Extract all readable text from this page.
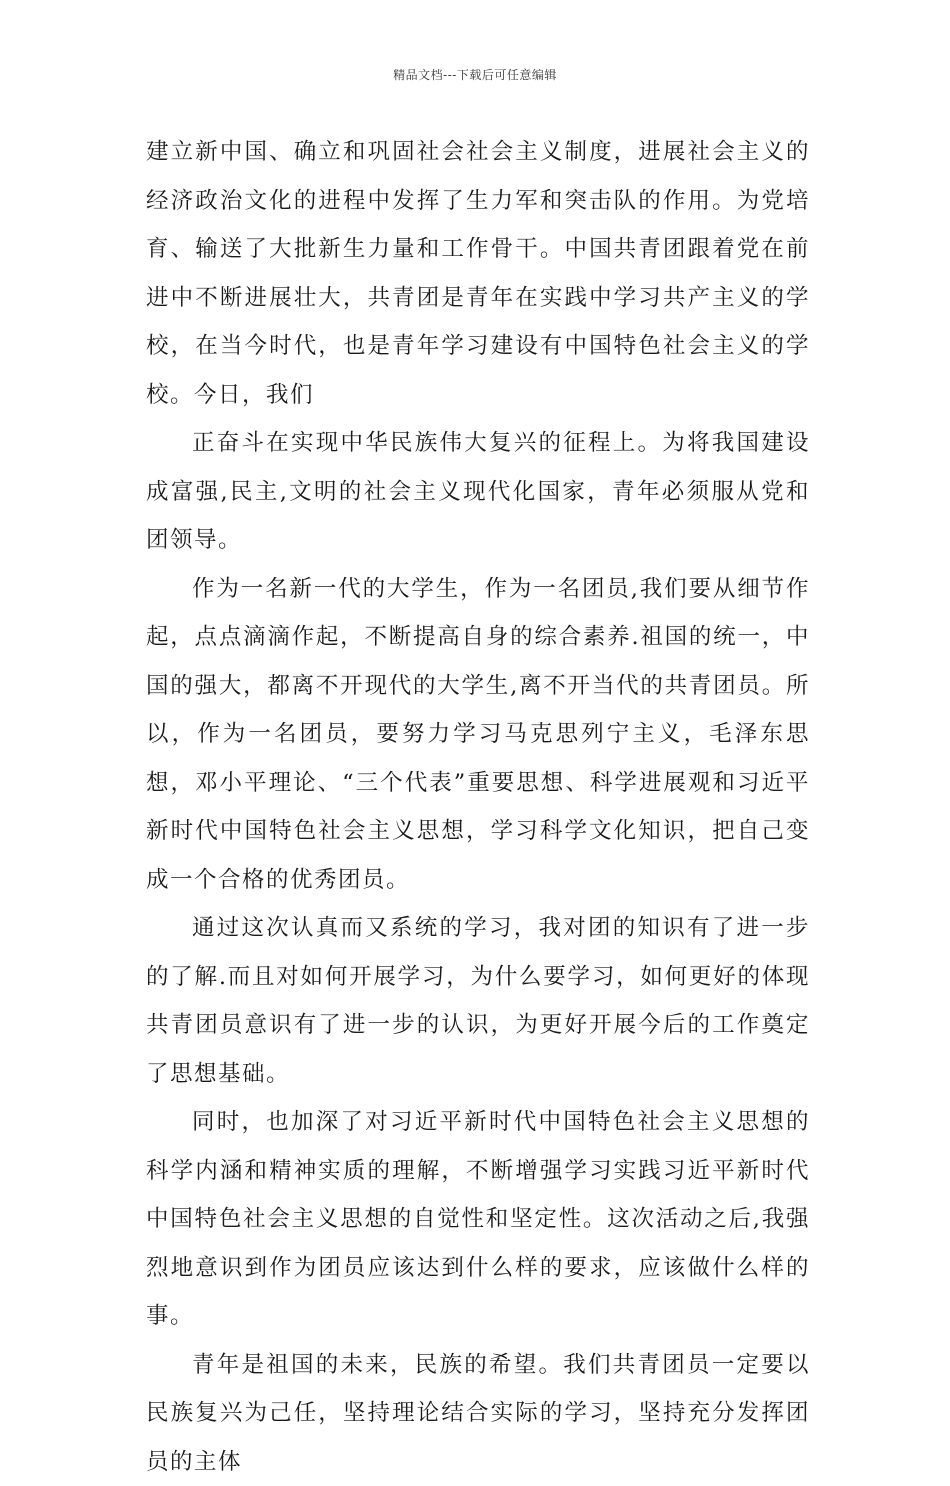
精品文档---下载后可任意编辑

建立新中国、确立和巩固社会社会主义制度，进展社会主义的经济政治文化的进程中发挥了生力军和突击队的作用。为党培育、输送了大批新生力量和工作骨干。中国共青团跟着党在前进中不断进展壮大，共青团是青年在实践中学习共产主义的学校，在当今时代，也是青年学习建设有中国特色社会主义的学校。今日，我们

正奋斗在实现中华民族伟大复兴的征程上。为将我国建设成富强,民主,文明的社会主义现代化国家，青年必须服从党和团领导。

作为一名新一代的大学生，作为一名团员,我们要从细节作起，点点滴滴作起，不断提高自身的综合素养.祖国的统一，中国的强大，都离不开现代的大学生,离不开当代的共青团员。所以，作为一名团员，要努力学习马克思列宁主义，毛泽东思想，邓小平理论、“三个代表”重要思想、科学进展观和习近平新时代中国特色社会主义思想，学习科学文化知识，把自己变成一个合格的优秀团员。

通过这次认真而又系统的学习，我对团的知识有了进一步的了解.而且对如何开展学习，为什么要学习，如何更好的体现共青团员意识有了进一步的认识，为更好开展今后的工作奠定了思想基础。

同时，也加深了对习近平新时代中国特色社会主义思想的科学内涵和精神实质的理解，不断增强学习实践习近平新时代中国特色社会主义思想的自觉性和坚定性。这次活动之后,我强烈地意识到作为团员应该达到什么样的要求，应该做什么样的事。

青年是祖国的未来，民族的希望。我们共青团员一定要以民族复兴为己任，坚持理论结合实际的学习，坚持充分发挥团员的主体
